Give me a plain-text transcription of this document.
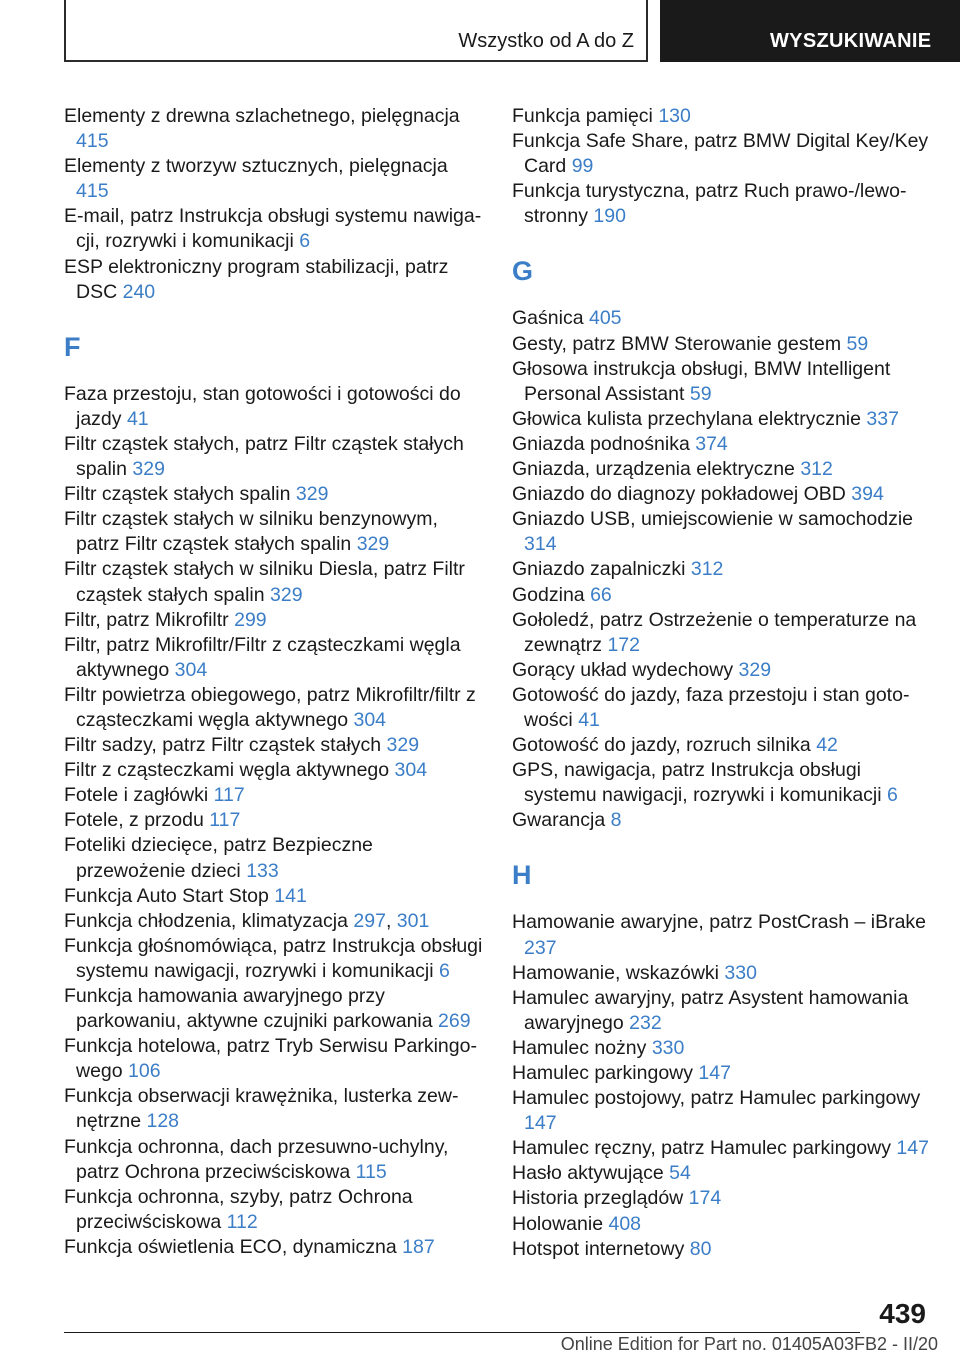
Wszystko od A do Z	WYSZUKIWANIE
Elementy z drewna szlachetnego, pielęgnacja 415
Elementy z tworzyw sztucznych, pielęgnacja 415
E-mail, patrz Instrukcja obsługi systemu nawigacji, rozrywki i komunikacji 6
ESP elektroniczny program stabilizacji, patrz DSC 240
F
Faza przestoju, stan gotowości i gotowości do jazdy 41
Filtr cząstek stałych, patrz Filtr cząstek stałych spalin 329
Filtr cząstek stałych spalin 329
Filtr cząstek stałych w silniku benzynowym, patrz Filtr cząstek stałych spalin 329
Filtr cząstek stałych w silniku Diesla, patrz Filtr cząstek stałych spalin 329
Filtr, patrz Mikrofiltr 299
Filtr, patrz Mikrofiltr/Filtr z cząsteczkami węgla aktywnego 304
Filtr powietrza obiegowego, patrz Mikrofiltr/filtr z cząsteczkami węgla aktywnego 304
Filtr sadzy, patrz Filtr cząstek stałych 329
Filtr z cząsteczkami węgla aktywnego 304
Fotele i zagłówki 117
Fotele, z przodu 117
Foteliki dziecięce, patrz Bezpieczne przewożenie dzieci 133
Funkcja Auto Start Stop 141
Funkcja chłodzenia, klimatyzacja 297, 301
Funkcja głośnomówiąca, patrz Instrukcja obsługi systemu nawigacji, rozrywki i komunikacji 6
Funkcja hamowania awaryjnego przy parkowaniu, aktywne czujniki parkowania 269
Funkcja hotelowa, patrz Tryb Serwisu Parkingowego 106
Funkcja obserwacji krawężnika, lusterka zewnętrzne 128
Funkcja ochronna, dach przesuwno-uchylny, patrz Ochrona przeciwściskowa 115
Funkcja ochronna, szyby, patrz Ochrona przeciwściskowa 112
Funkcja oświetlenia ECO, dynamiczna 187
Funkcja pamięci 130
Funkcja Safe Share, patrz BMW Digital Key/Key Card 99
Funkcja turystyczna, patrz Ruch prawo-/lewostronny 190
G
Gaśnica 405
Gesty, patrz BMW Sterowanie gestem 59
Głosowa instrukcja obsługi, BMW Intelligent Personal Assistant 59
Głowica kulista przechylana elektrycznie 337
Gniazda podnośnika 374
Gniazda, urządzenia elektryczne 312
Gniazdo do diagnozy pokładowej OBD 394
Gniazdo USB, umiejscowienie w samochodzie 314
Gniazdo zapalniczki 312
Godzina 66
Gołoledź, patrz Ostrzeżenie o temperaturze na zewnątrz 172
Gorący układ wydechowy 329
Gotowość do jazdy, faza przestoju i stan gotowości 41
Gotowość do jazdy, rozruch silnika 42
GPS, nawigacja, patrz Instrukcja obsługi systemu nawigacji, rozrywki i komunikacji 6
Gwarancja 8
H
Hamowanie awaryjne, patrz PostCrash – iBrake 237
Hamowanie, wskazówki 330
Hamulec awaryjny, patrz Asystent hamowania awaryjnego 232
Hamulec nożny 330
Hamulec parkingowy 147
Hamulec postojowy, patrz Hamulec parkingowy 147
Hamulec ręczny, patrz Hamulec parkingowy 147
Hasło aktywujące 54
Historia przeglądów 174
Holowanie 408
Hotspot internetowy 80
439
Online Edition for Part no. 01405A03FB2 - II/20
